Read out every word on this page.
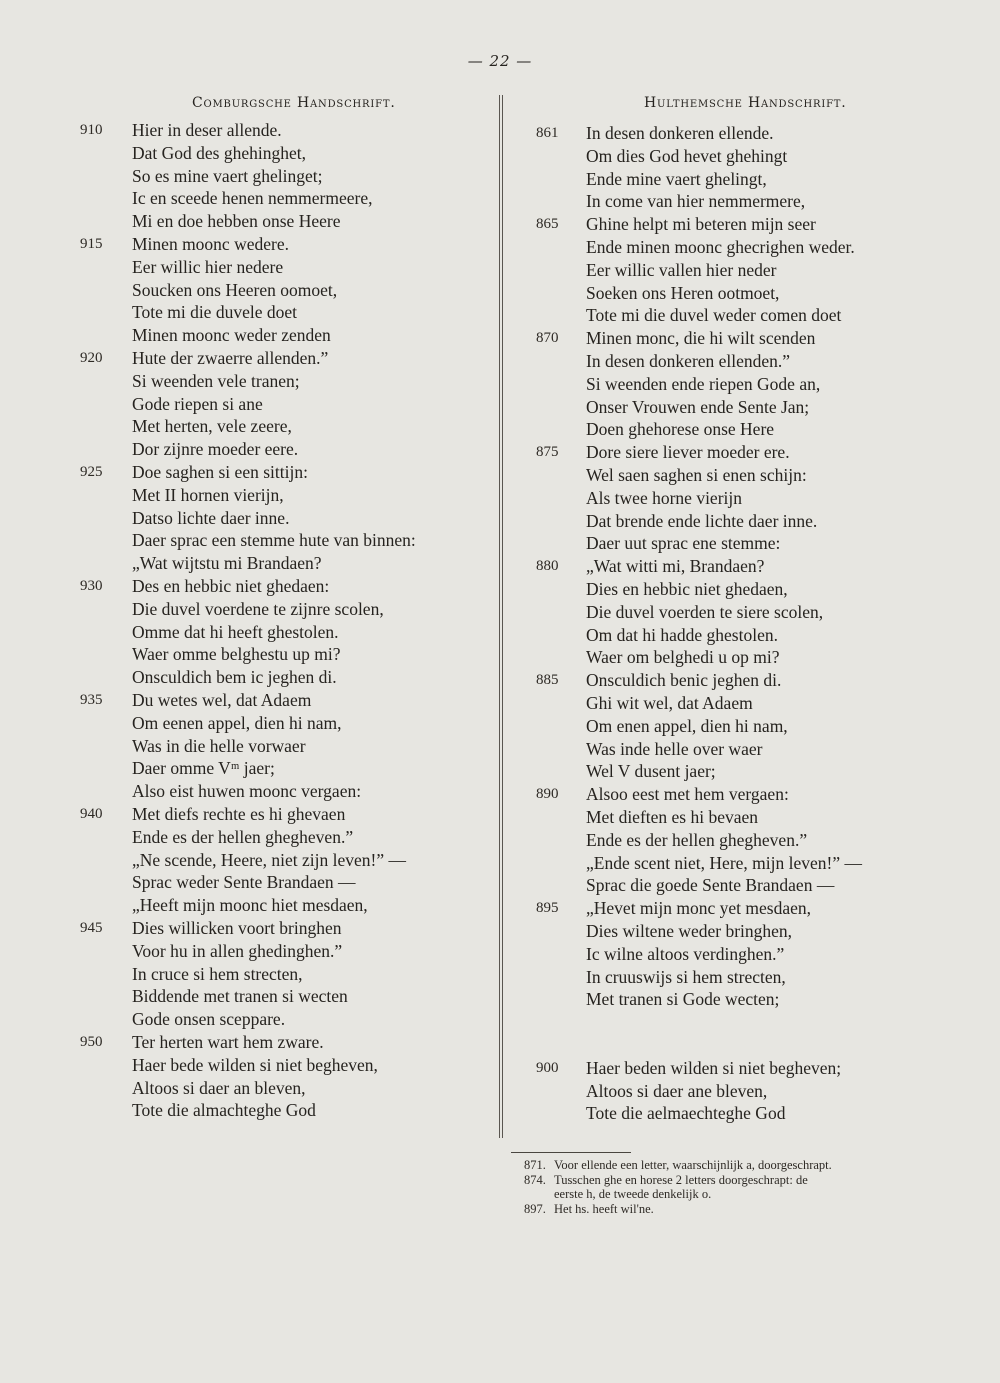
— 22 —
Comburgsche Handschrift.	Hulthemsche Handschrift.
910 Hier in deser allende.
Dat God des ghehinghet,
So es mine vaert ghelinget;
Ic en sceede henen nemmermeere,
Mi en doe hebben onse Heere
915 Minen moonc wedere.
Eer willic hier nedere
Soucken ons Heeren oomoet,
Tote mi die duvele doet
Minen moonc weder zenden
920 Hute der zwaerre allenden.”
Si weenden vele tranen;
Gode riepen si ane
Met herten, vele zeere,
Dor zijnre moeder eere.
925 Doe saghen si een sittijn:
Met II hornen vierijn,
Datso lichte daer inne.
Daer sprac een stemme hute van binnen:
„Wat wijtstu mi Brandaen?
930 Des en hebbic niet ghedaen:
Die duvel voerdene te zijnre scolen,
Omme dat hi heeft ghestolen.
Waer omme belghestu up mi?
Onsculdich bem ic jeghen di.
935 Du wetes wel, dat Adaem
Om eenen appel, dien hi nam,
Was in die helle vorwaer
Daer omme Vᵐ jaer;
Also eist huwen moonc vergaen:
940 Met diefs rechte es hi ghevaen
Ende es der hellen ghegheven.”
„Ne scende, Heere, niet zijn leven!” —
Sprac weder Sente Brandaen —
„Heeft mijn moonc hiet mesdaen,
945 Dies willicken voort bringhen
Voor hu in allen ghedinghen.”
In cruce si hem strecten,
Biddende met tranen si wecten
Gode onsen sceppare.
950 Ter herten wart hem zware.
Haer bede wilden si niet begheven,
Altoos si daer an bleven,
Tote die almachteghe God
861 In desen donkeren ellende.
Om dies God hevet ghehingt
Ende mine vaert ghelingt,
In come van hier nemmermere,
865 Ghine helpt mi beteren mijn seer
Ende minen moonc ghecrighen weder.
Eer willic vallen hier neder
Soeken ons Heren ootmoet,
Tote mi die duvel weder comen doet
870 Minen monc, die hi wilt scenden
In desen donkeren ellenden.”
Si weenden ende riepen Gode an,
Onser Vrouwen ende Sente Jan;
Doen ghehorese onse Here
875 Dore siere liever moeder ere.
Wel saen saghen si enen schijn:
Als twee horne vierijn
Dat brende ende lichte daer inne.
Daer uut sprac ene stemme:
880 „Wat witti mi, Brandaen?
Dies en hebbic niet ghedaen,
Die duvel voerden te siere scolen,
Om dat hi hadde ghestolen.
Waer om belghedi u op mi?
885 Onsculdich benic jeghen di.
Ghi wit wel, dat Adaem
Om enen appel, dien hi nam,
Was inde helle over waer
Wel V dusent jaer;
890 Alsoo eest met hem vergaen:
Met dieften es hi bevaen
Ende es der hellen ghegheven.”
„Ende scent niet, Here, mijn leven!” —
Sprac die goede Sente Brandaen —
895 „Hevet mijn monc yet mesdaen,
Dies wiltene weder bringhen,
Ic wilne altoos verdinghen.”
In cruuswijs si hem strecten,
Met tranen si Gode wecten;
900 Haer beden wilden si niet begheven;
Altoos si daer ane bleven,
Tote die aelmaechteghe God
871. Voor ellende een letter, waarschijnlijk a, doorgeschrapt.
874. Tusschen ghe en horese 2 letters doorgeschrapt: de
eerste h, de tweede denkelijk o.
897. Het hs. heeft wil'ne.
